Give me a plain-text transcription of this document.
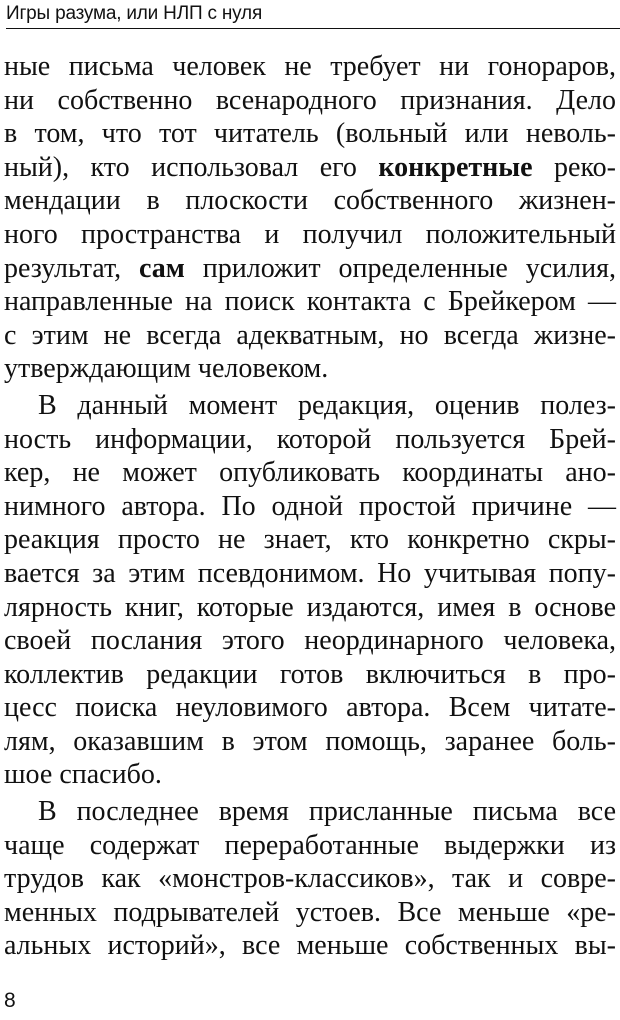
Игры разума, или НЛП с нуля
ные письма человек не требует ни гонораров,
ни собственно всенародного признания. Дело
в том, что тот читатель (вольный или неволь-
ный), кто использовал его конкретные реко-
мендации в плоскости собственного жизнен-
ного пространства и получил положительный
результат, сам приложит определенные усилия,
направленные на поиск контакта с Брейкером —
с этим не всегда адекватным, но всегда жизне-
утверждающим человеком.
В данный момент редакция, оценив полез-
ность информации, которой пользуется Брей-
кер, не может опубликовать координаты ано-
нимного автора. По одной простой причине —
реакция просто не знает, кто конкретно скры-
вается за этим псевдонимом. Но учитывая попу-
лярность книг, которые издаются, имея в основе
своей послания этого неординарного человека,
коллектив редакции готов включиться в про-
цесс поиска неуловимого автора. Всем читате-
лям, оказавшим в этом помощь, заранее боль-
шое спасибо.
В последнее время присланные письма все
чаще содержат переработанные выдержки из
трудов как «монстров-классиков», так и совре-
менных подрывателей устоев. Все меньше «ре-
альных историй», все меньше собственных вы-
8
